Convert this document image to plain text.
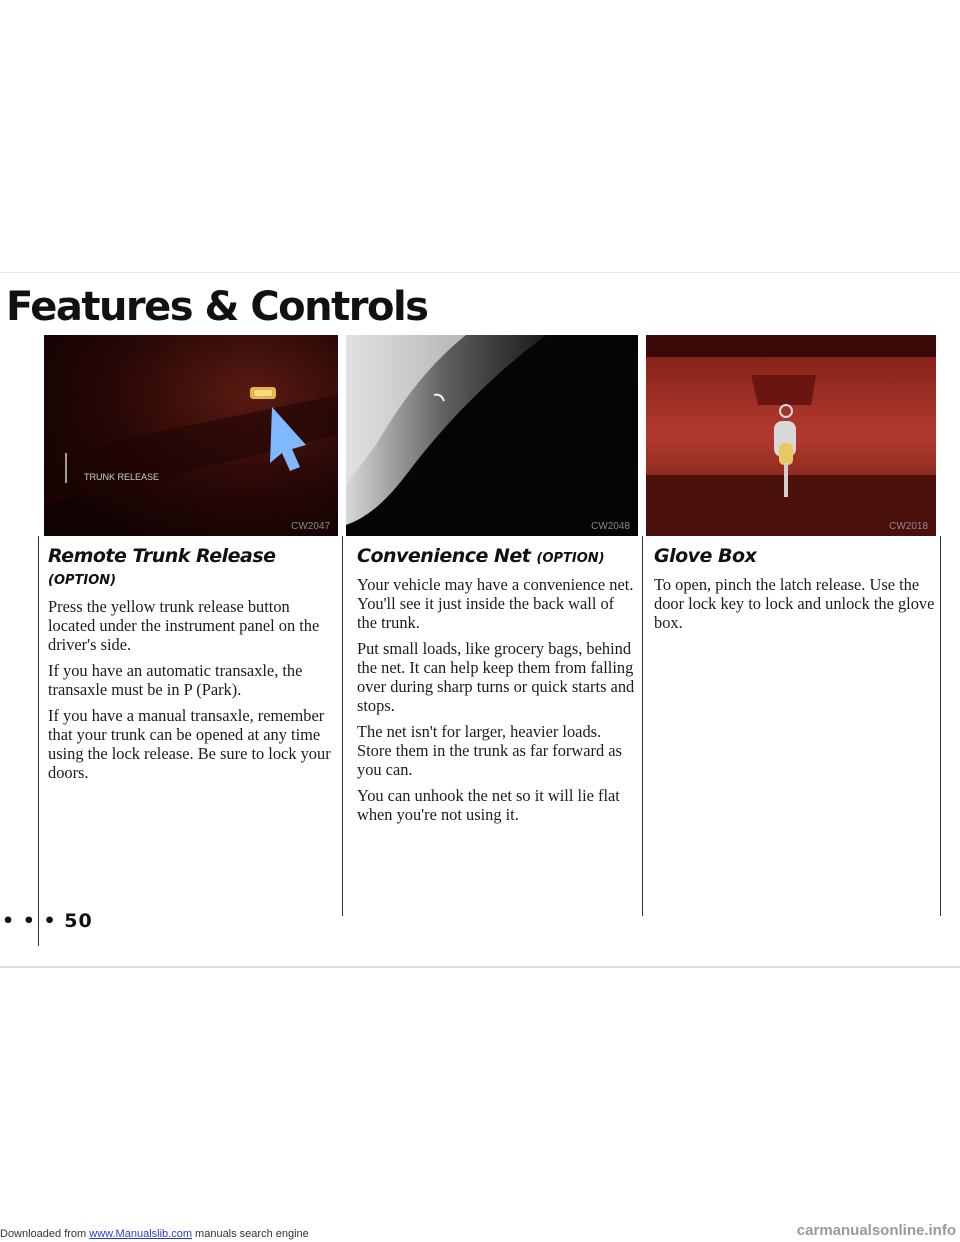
Features & Controls
TRUNK RELEASE
CW2047	CW2048	CW2018
Remote Trunk Release (OPTION)

Press the yellow trunk release button located under the instrument panel on the driver's side.

If you have an automatic transaxle, the transaxle must be in P (Park).

If you have a manual transaxle, remember that your trunk can be opened at any time using the lock release. Be sure to lock your doors.

Convenience Net (OPTION)

Your vehicle may have a convenience net. You'll see it just inside the back wall of the trunk.

Put small loads, like grocery bags, behind the net. It can help keep them from falling over during sharp turns or quick starts and stops.

The net isn't for larger, heavier loads. Store them in the trunk as far forward as you can.

You can unhook the net so it will lie flat when you're not using it.

Glove Box

To open, pinch the latch release. Use the door lock key to lock and unlock the glove box.

• • • 50
Downloaded from www.Manualslib.com manuals search engine	carmanualsonline.info
